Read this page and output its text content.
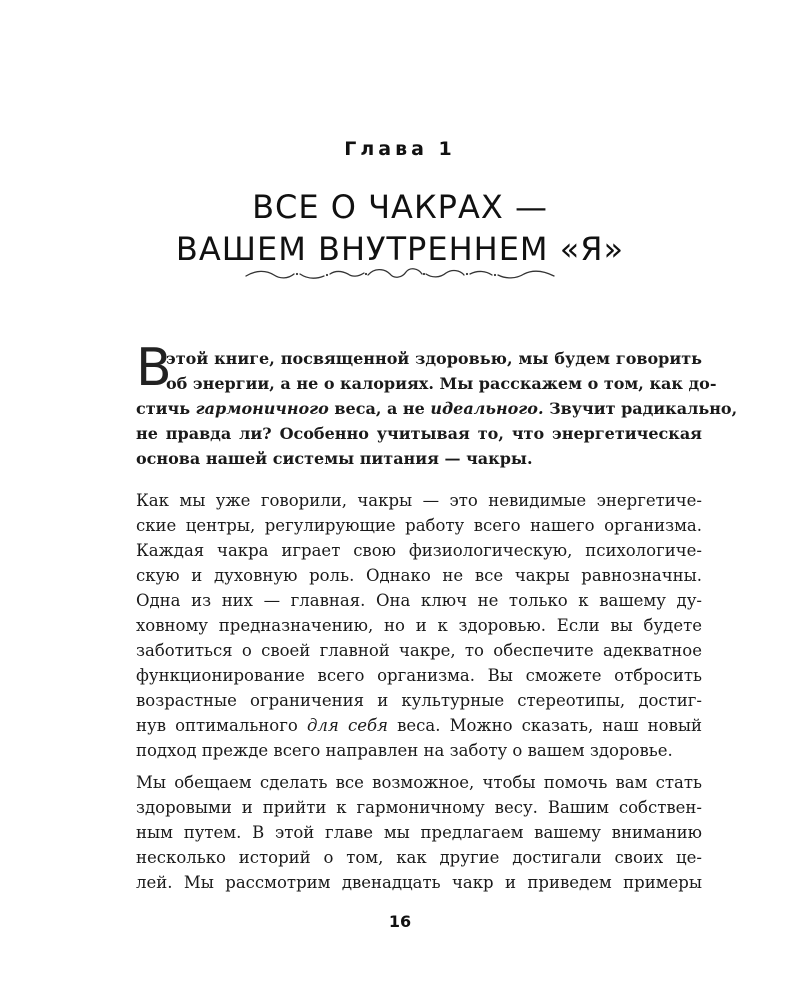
Глава 1
ВСЕ О ЧАКРАХ —
ВАШЕМ ВНУТРЕННЕМ «Я»
В
этой книге, посвященной здоровью, мы будем говорить
об энергии, а не о калориях. Мы расскажем о том, как до-
стичь гармоничного веса, а не идеального. Звучит радикально,
не правда ли? Особенно учитывая то, что энергетическая
основа нашей системы питания — чакры.
Как мы уже говорили, чакры — это невидимые энергетиче-
ские центры, регулирующие работу всего нашего организма.
Каждая чакра играет свою физиологическую, психологиче-
скую и духовную роль. Однако не все чакры равнозначны.
Одна из них — главная. Она ключ не только к вашему ду-
ховному предназначению, но и к здоровью. Если вы будете
заботиться о своей главной чакре, то обеспечите адекватное
функционирование всего организма. Вы сможете отбросить
возрастные ограничения и культурные стереотипы, достиг-
нув оптимального для себя веса. Можно сказать, наш новый
подход прежде всего направлен на заботу о вашем здоровье.
Мы обещаем сделать все возможное, чтобы помочь вам стать
здоровыми и прийти к гармоничному весу. Вашим собствен-
ным путем. В этой главе мы предлагаем вашему вниманию
несколько историй о том, как другие достигали своих це-
лей. Мы рассмотрим двенадцать чакр и приведем примеры
16
